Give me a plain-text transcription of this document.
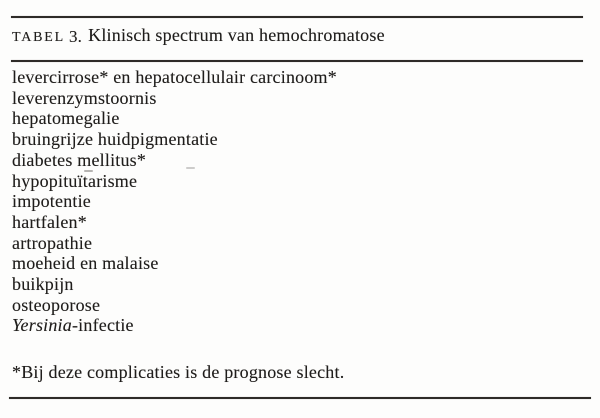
TABEL 3. Klinisch spectrum van hemochromatose
levercirrose* en hepatocellulair carcinoom*
leverenzymstoornis
hepatomegalie
bruingrijze huidpigmentatie
diabetes mellitus*
hypopituïtarisme
impotentie
hartfalen*
artropathie
moeheid en malaise
buikpijn
osteoporose
Yersinia-infectie
*Bij deze complicaties is de prognose slecht.
